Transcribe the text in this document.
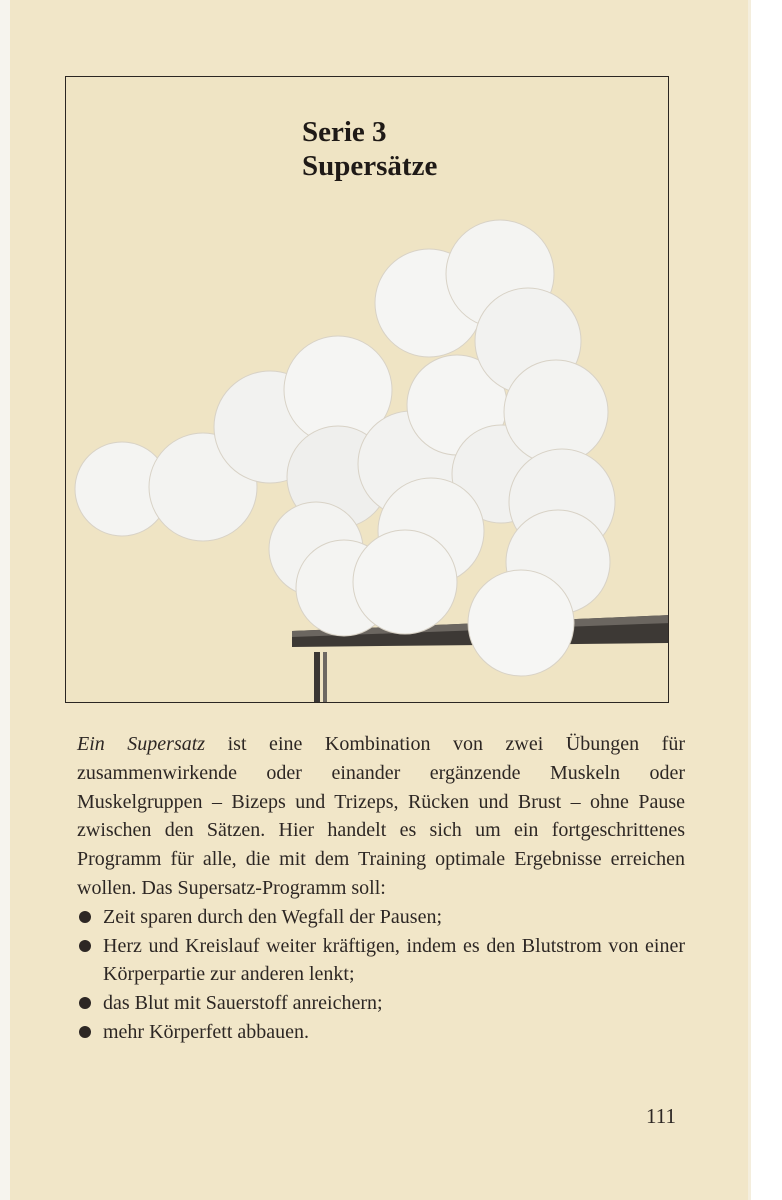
Serie 3
Supersätze

Ein Supersatz ist eine Kombination von zwei Übungen für zusammenwirkende oder einander ergänzende Muskeln oder Muskelgruppen – Bizeps und Trizeps, Rücken und Brust – ohne Pause zwischen den Sätzen. Hier handelt es sich um ein fortgeschrittenes Programm für alle, die mit dem Training optimale Ergebnisse erreichen wollen. Das Supersatz-Programm soll:

Zeit sparen durch den Wegfall der Pausen;
Herz und Kreislauf weiter kräftigen, indem es den Blutstrom von einer Körperpartie zur anderen lenkt;
das Blut mit Sauerstoff anreichern;
mehr Körperfett abbauen.
111
